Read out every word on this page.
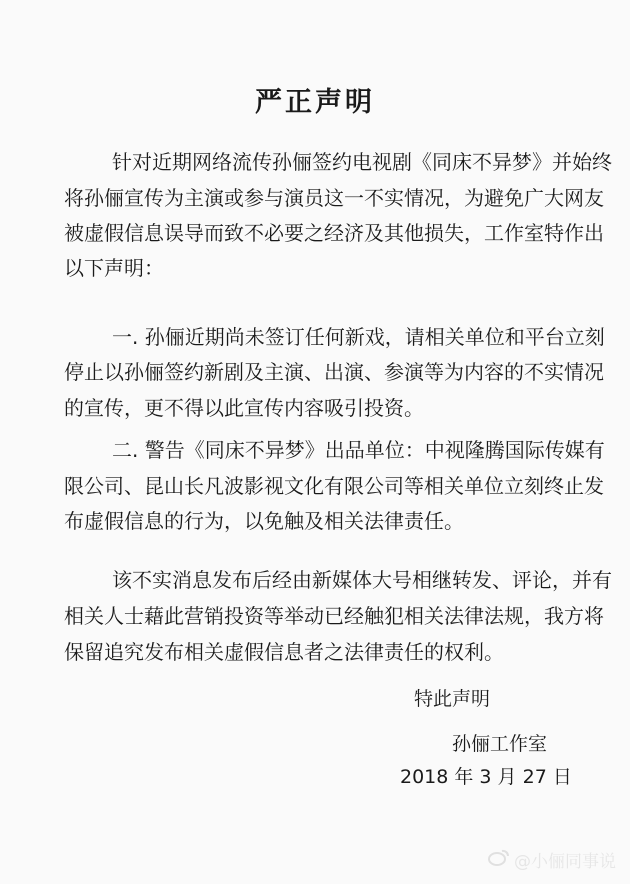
严正声明
针对近期网络流传孙俪签约电视剧《同床不异梦》并始终
将孙俪宣传为主演或参与演员这一不实情况，为避免广大网友
被虚假信息误导而致不必要之经济及其他损失，工作室特作出
以下声明：
一. 孙俪近期尚未签订任何新戏，请相关单位和平台立刻
停止以孙俪签约新剧及主演、出演、参演等为内容的不实情况
的宣传，更不得以此宣传内容吸引投资。
二. 警告《同床不异梦》出品单位：中视隆腾国际传媒有
限公司、昆山长凡波影视文化有限公司等相关单位立刻终止发
布虚假信息的行为，以免触及相关法律责任。
该不实消息发布后经由新媒体大号相继转发、评论，并有
相关人士藉此营销投资等举动已经触犯相关法律法规，我方将
保留追究发布相关虚假信息者之法律责任的权利。
特此声明
孙俪工作室
2018 年 3 月 27 日
@小俪同事说
